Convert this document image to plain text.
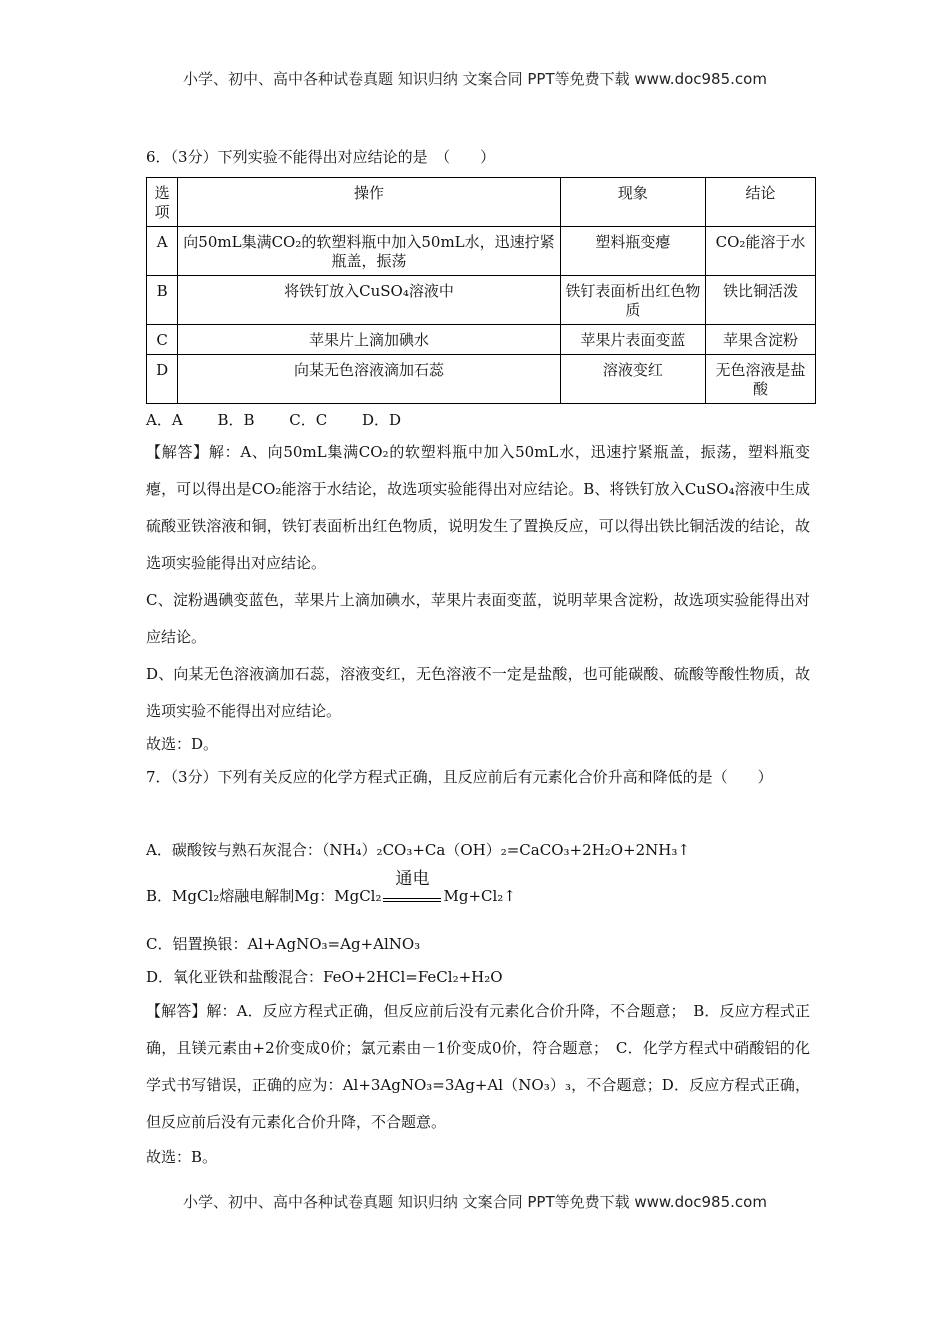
小学、初中、高中各种试卷真题 知识归纳 文案合同 PPT等免费下载 www.doc985.com
6．（3分）下列实验不能得出对应结论的是　（　　）
选项	操作	现象	结论
A	向50mL集满CO₂的软塑料瓶中加入50mL水，迅速拧紧瓶盖，振荡	塑料瓶变瘪	CO₂能溶于水
B	将铁钉放入CuSO₄溶液中	铁钉表面析出红色物质	铁比铜活泼
C	苹果片上滴加碘水	苹果片表面变蓝	苹果含淀粉
D	向某无色溶液滴加石蕊	溶液变红	无色溶液是盐酸
A．A B．B C．C D．D
【解答】解：A、向50mL集满CO₂的软塑料瓶中加入50mL水，迅速拧紧瓶盖，振荡，塑料瓶变瘪，可以得出是CO₂能溶于水结论，故选项实验能得出对应结论。B、将铁钉放入CuSO₄溶液中生成硫酸亚铁溶液和铜，铁钉表面析出红色物质，说明发生了置换反应，可以得出铁比铜活泼的结论，故选项实验能得出对应结论。
C、淀粉遇碘变蓝色，苹果片上滴加碘水，苹果片表面变蓝，说明苹果含淀粉，故选项实验能得出对应结论。
D、向某无色溶液滴加石蕊，溶液变红，无色溶液不一定是盐酸，也可能碳酸、硫酸等酸性物质，故选项实验不能得出对应结论。
故选：D。
7．（3分）下列有关反应的化学方程式正确，且反应前后有元素化合价升高和降低的是（　　）
A．碳酸铵与熟石灰混合：（NH₄）₂CO₃+Ca（OH）₂=CaCO₃+2H₂O+2NH₃↑
B．MgCl₂熔融电解制Mg：MgCl₂
通电
Mg+Cl₂↑
C．铝置换银：Al+AgNO₃=Ag+AlNO₃
D．氧化亚铁和盐酸混合：FeO+2HCl=FeCl₂+H₂O
【解答】解：A．反应方程式正确，但反应前后没有元素化合价升降，不合题意；　B．反应方程式正确，且镁元素由+2价变成0价；氯元素由－1价变成0价，符合题意；　C．化学方程式中硝酸铝的化学式书写错误，正确的应为：Al+3AgNO₃=3Ag+Al（NO₃）₃，不合题意；D．反应方程式正确，但反应前后没有元素化合价升降，不合题意。
故选：B。
小学、初中、高中各种试卷真题 知识归纳 文案合同 PPT等免费下载 www.doc985.com
